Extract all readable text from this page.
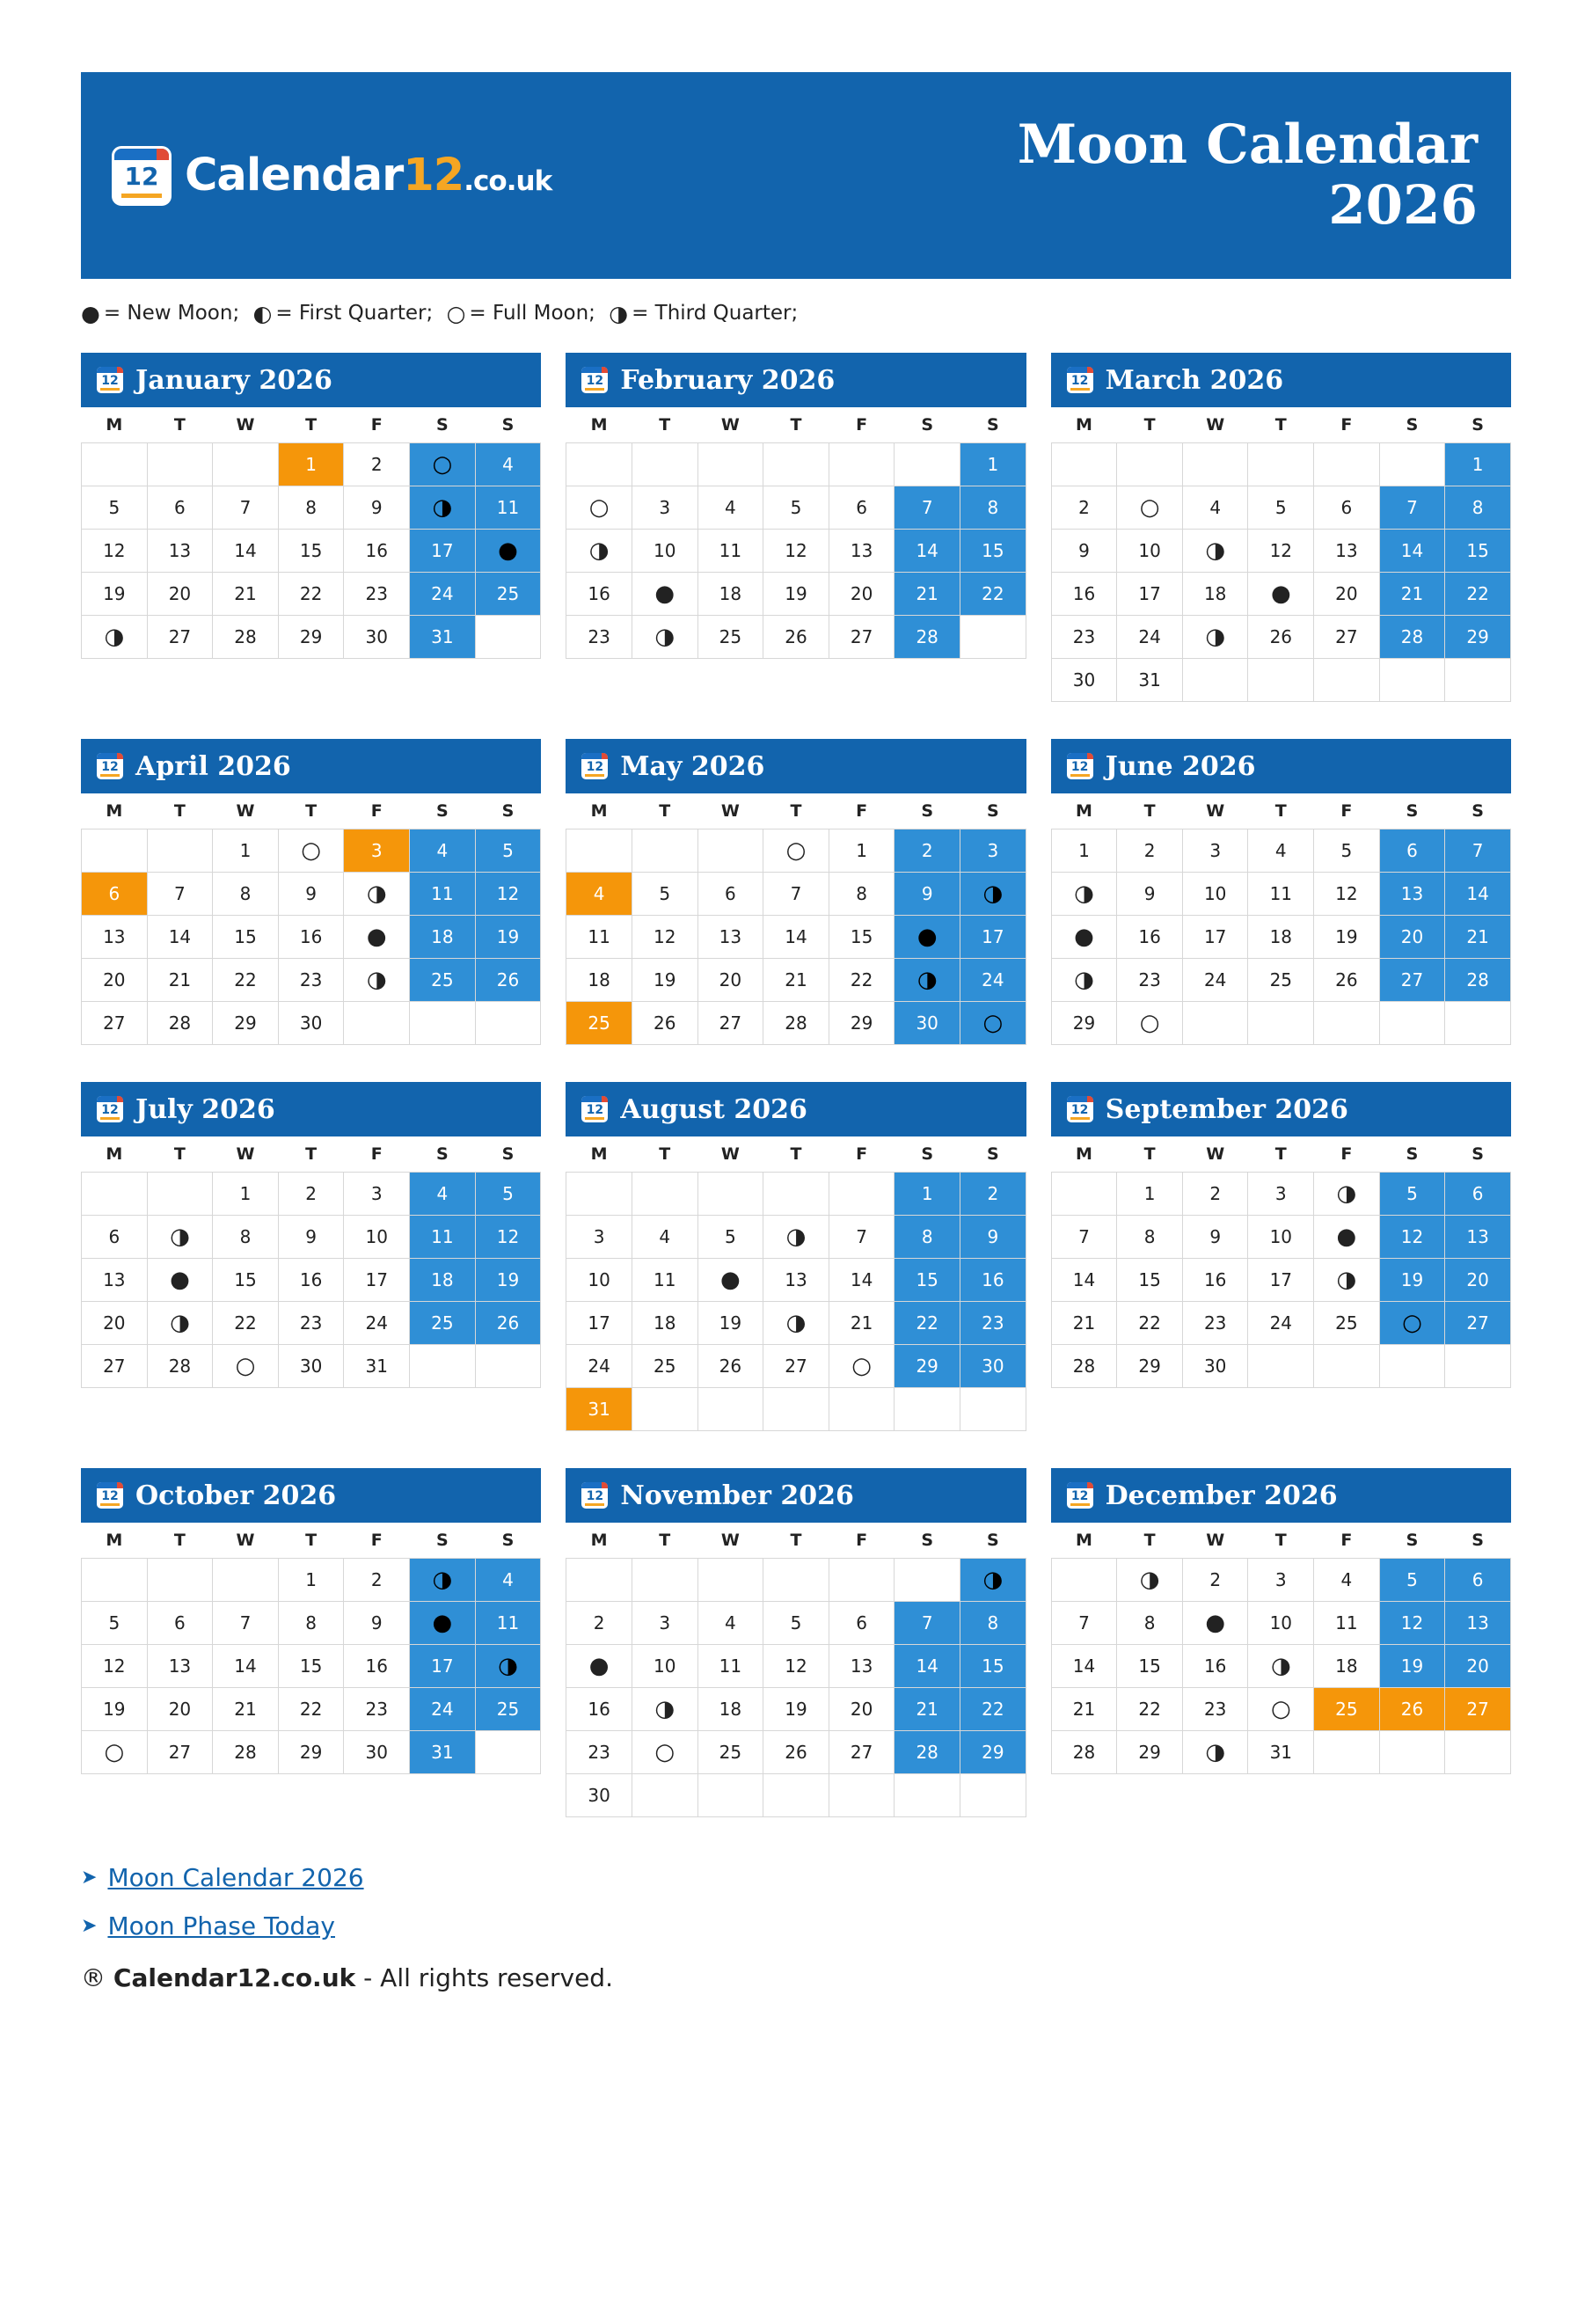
12 Calendar12.co.uk
Moon Calendar
2026
● = New Moon;
◐ = First Quarter;
○ = Full Moon;
◑ = Third Quarter;
12 January 2026
M	T	W	T	F	S	S
			1	2	○	4
5	6	7	8	9	◑	11
12	13	14	15	16	17	●
19	20	21	22	23	24	25
◑	27	28	29	30	31	
12 February 2026
M	T	W	T	F	S	S
						1
○	3	4	5	6	7	8
◑	10	11	12	13	14	15
16	●	18	19	20	21	22
23	◑	25	26	27	28	
12 March 2026
M	T	W	T	F	S	S
						1
2	○	4	5	6	7	8
9	10	◑	12	13	14	15
16	17	18	●	20	21	22
23	24	◑	26	27	28	29
30	31					
12 April 2026
M	T	W	T	F	S	S
		1	○	3	4	5
6	7	8	9	◑	11	12
13	14	15	16	●	18	19
20	21	22	23	◑	25	26
27	28	29	30			
12 May 2026
M	T	W	T	F	S	S
			○	1	2	3
4	5	6	7	8	9	◑
11	12	13	14	15	●	17
18	19	20	21	22	◑	24
25	26	27	28	29	30	○
12 June 2026
M	T	W	T	F	S	S
1	2	3	4	5	6	7
◑	9	10	11	12	13	14
●	16	17	18	19	20	21
◑	23	24	25	26	27	28
29	○					
12 July 2026
M	T	W	T	F	S	S
		1	2	3	4	5
6	◑	8	9	10	11	12
13	●	15	16	17	18	19
20	◑	22	23	24	25	26
27	28	○	30	31		
12 August 2026
M	T	W	T	F	S	S
					1	2
3	4	5	◑	7	8	9
10	11	●	13	14	15	16
17	18	19	◑	21	22	23
24	25	26	27	○	29	30
31						
12 September 2026
M	T	W	T	F	S	S
	1	2	3	◑	5	6
7	8	9	10	●	12	13
14	15	16	17	◑	19	20
21	22	23	24	25	○	27
28	29	30				
12 October 2026
M	T	W	T	F	S	S
			1	2	◑	4
5	6	7	8	9	●	11
12	13	14	15	16	17	◑
19	20	21	22	23	24	25
○	27	28	29	30	31	
12 November 2026
M	T	W	T	F	S	S
						◑
2	3	4	5	6	7	8
●	10	11	12	13	14	15
16	◑	18	19	20	21	22
23	○	25	26	27	28	29
30						
12 December 2026
M	T	W	T	F	S	S
	◑	2	3	4	5	6
7	8	●	10	11	12	13
14	15	16	◑	18	19	20
21	22	23	○	25	26	27
28	29	◑	31			
➤ Moon Calendar 2026
➤ Moon Phase Today
® Calendar12.co.uk - All rights reserved.
